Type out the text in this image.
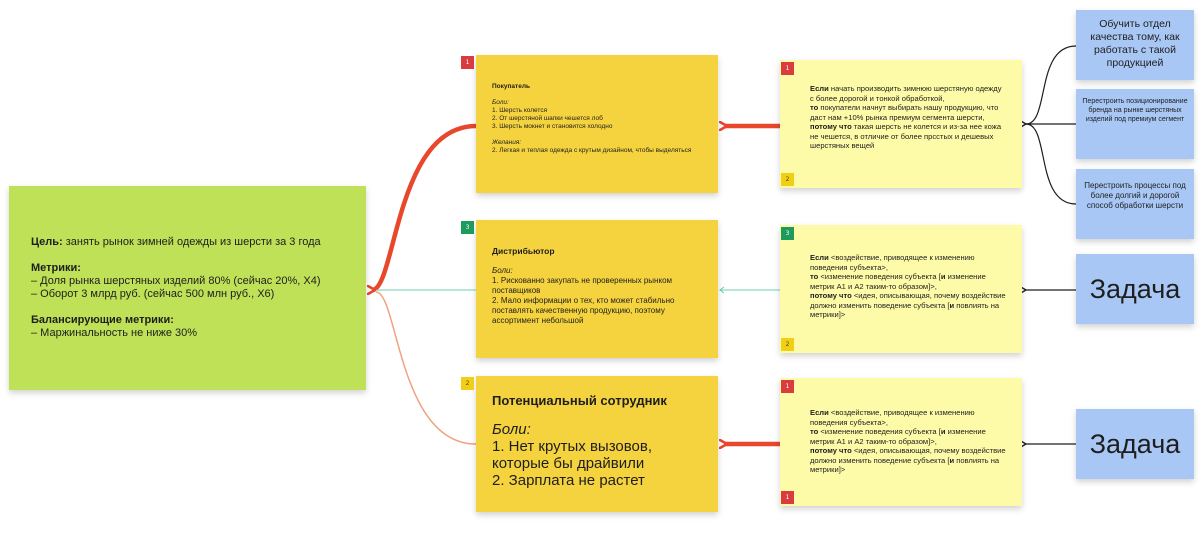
Цель: занять рынок зимней одежды из шерсти за 3 года
Метрики:
– Доля рынка шерстяных изделий 80% (сейчас 20%, X4)
– Оборот 3 млрд руб. (сейчас 500 млн руб., X6)
Балансирующие метрики:
– Маржинальность не ниже 30%
1
Покупатель
Боли:
1. Шерсть колется
2. От шерстяной шапки чешется лоб
3. Шерсть мокнет и становится холодно
Желания:
2. Легкая и теплая одежда с крутым дизайном, чтобы выделяться
3
Дистрибьютор
Боли:
1. Рискованно закупать не проверенных рынком поставщиков
2. Мало информации о тех, кто может стабильно поставлять качественную продукцию, поэтому ассортимент небольшой
2
Потенциальный сотрудник
Боли:
1. Нет крутых вызовов, которые бы драйвили
2. Зарплата не растет
1
2
Если начать производить зимнюю шерстяную одежду с более дорогой и тонкой обработкой,
то покупатели начнут выбирать нашу продукцию, что даст нам +10% рынка премиум сегмента шерсти,
потому что такая шерсть не колется и из-за нее кожа не чешется, в отличие от более прсстых и дешевых шерстяных вещей
3
2
Если <воздействие, приводящее к изменению поведения субъекта>,
то <изменение поведения субъекта [и изменение метрик А1 и А2 таким-то образом]>,
потому что <идея, описывающая, почему воздействие должно изменить поведение субъекта [и повлиять на метрики]>
1
1
Если <воздействие, приводящее к изменению поведения субъекта>,
то <изменение поведения субъекта [и изменение метрик А1 и А2 таким-то образом]>,
потому что <идея, описывающая, почему воздействие должно изменить поведение субъекта [и повлиять на метрики]>
Обучить отдел качества тому, как работать с такой продукцией
Перестроить позиционирование бренда на рынке шерстяных изделий под премиум сегмент
Перестроить процессы под более долгий и дорогой способ обработки шерсти
Задача
Задача
